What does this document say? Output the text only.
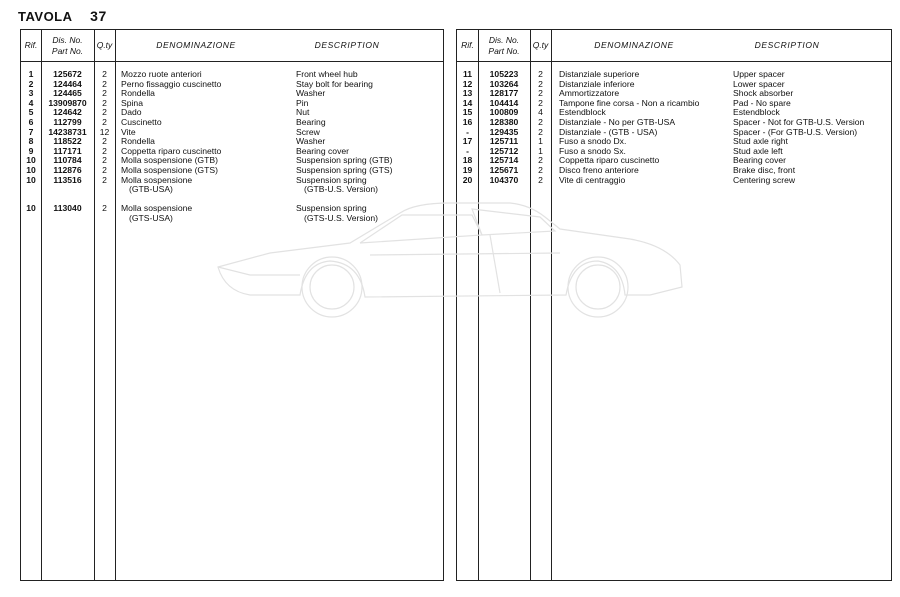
TAVOLA 37
Rif.
Dis. No.
Part No.
Q.ty	DENOMINAZIONE	DESCRIPTION
1	125672	2	Mozzo ruote anteriori	Front wheel hub
2	124464	2	Perno fissaggio cuscinetto	Stay bolt for bearing
3	124465	2	Rondella	Washer
4	13909870	2	Spina	Pin
5	124642	2	Dado	Nut
6	112799	2	Cuscinetto	Bearing
7	14238731	12	Vite	Screw
8	118522	2	Rondella	Washer
9	117171	2	Coppetta riparo cuscinetto	Bearing cover
10	110784	2	Molla sospensione (GTB)	Suspension spring (GTB)
10	112876	2	Molla sospensione (GTS)	Suspension spring (GTS)
10	113516	2	Molla sospensione	Suspension spring
(GTB-USA)	(GTB-U.S. Version)
10	113040	2	Molla sospensione	Suspension spring
(GTS-USA)	(GTS-U.S. Version)
Rif.
Dis. No.
Part No.
Q.ty	DENOMINAZIONE	DESCRIPTION
11	105223	2	Distanziale superiore	Upper spacer
12	103264	2	Distanziale inferiore	Lower spacer
13	128177	2	Ammortizzatore	Shock absorber
14	104414	2	Tampone fine corsa - Non a ricambio	Pad - No spare
15	100809	4	Estendblock	Estendblock
16	128380	2	Distanziale - No per GTB-USA	Spacer - Not for GTB-U.S. Version
-	129435	2	Distanziale - (GTB - USA)	Spacer - (For GTB-U.S. Version)
17	125711	1	Fuso a snodo Dx.	Stud axle right
-	125712	1	Fuso a snodo Sx.	Stud axle left
18	125714	2	Coppetta riparo cuscinetto	Bearing cover
19	125671	2	Disco freno anteriore	Brake disc, front
20	104370	2	Vite di centraggio	Centering screw
